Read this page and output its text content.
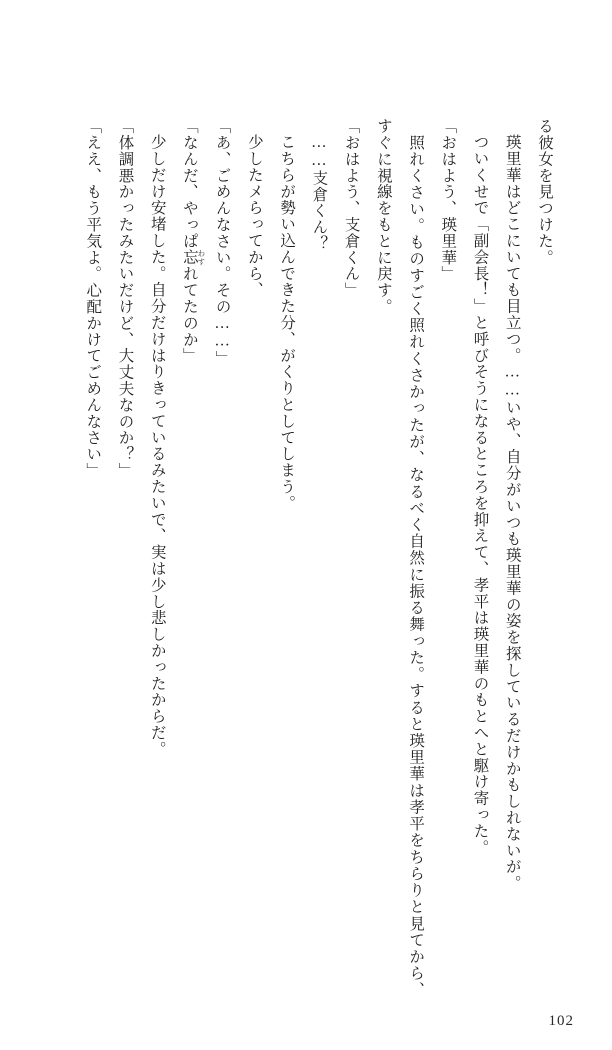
る彼女を見つけた。
瑛里華はどこにいても目立つ。……いや、自分がいつも瑛里華の姿を探しているだけかもしれないが。
ついくせで「副会長！」と呼びそうになるところを抑えて、孝平は瑛里華のもとへと駆け寄った。
「おはよう、瑛里華」
照れくさい。ものすごく照れくさかったが、なるべく自然に振る舞った。すると瑛里華は孝平をちらりと見てから、すぐに視線をもとに戻す。
「おはよう、支倉くん」
……支倉くん？
こちらが勢い込んできた分、がくりとしてしまう。
少したメらってから、
「あ、ごめんなさい。その……」
「なんだ、やっぱ忘 わすれてたのか」
少しだけ安堵した。自分だけはりきっているみたいで、実は少し悲しかったからだ。
「体調悪かったみたいだけど、大丈夫なのか？」
「ええ、もう平気よ。心配かけてごめんなさい」

102
